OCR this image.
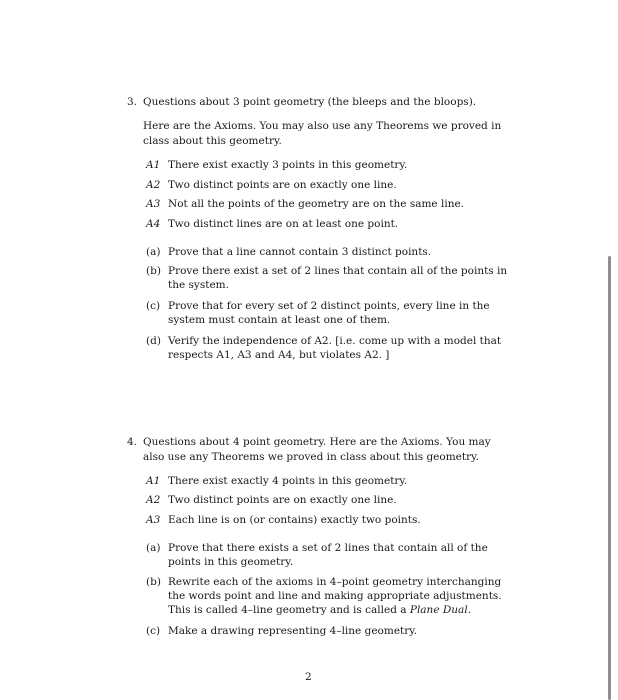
3. Questions about 3 point geometry (the bleeps and the bloops).
Here are the Axioms. You may also use any Theorems we proved in
class about this geometry.
A1 There exist exactly 3 points in this geometry.
A2 Two distinct points are on exactly one line.
A3 Not all the points of the geometry are on the same line.
A4 Two distinct lines are on at least one point.
(a) Prove that a line cannot contain 3 distinct points.
(b) Prove there exist a set of 2 lines that contain all of the points in
the system.
(c) Prove that for every set of 2 distinct points, every line in the
system must contain at least one of them.
(d) Verify the independence of A2. [i.e. come up with a model that
respects A1, A3 and A4, but violates A2. ]
4. Questions about 4 point geometry. Here are the Axioms. You may
also use any Theorems we proved in class about this geometry.
A1 There exist exactly 4 points in this geometry.
A2 Two distinct points are on exactly one line.
A3 Each line is on (or contains) exactly two points.
(a) Prove that there exists a set of 2 lines that contain all of the
points in this geometry.
(b) Rewrite each of the axioms in 4–point geometry interchanging
the words point and line and making appropriate adjustments.
This is called 4–line geometry and is called a Plane Dual.
(c) Make a drawing representing 4–line geometry.
2
